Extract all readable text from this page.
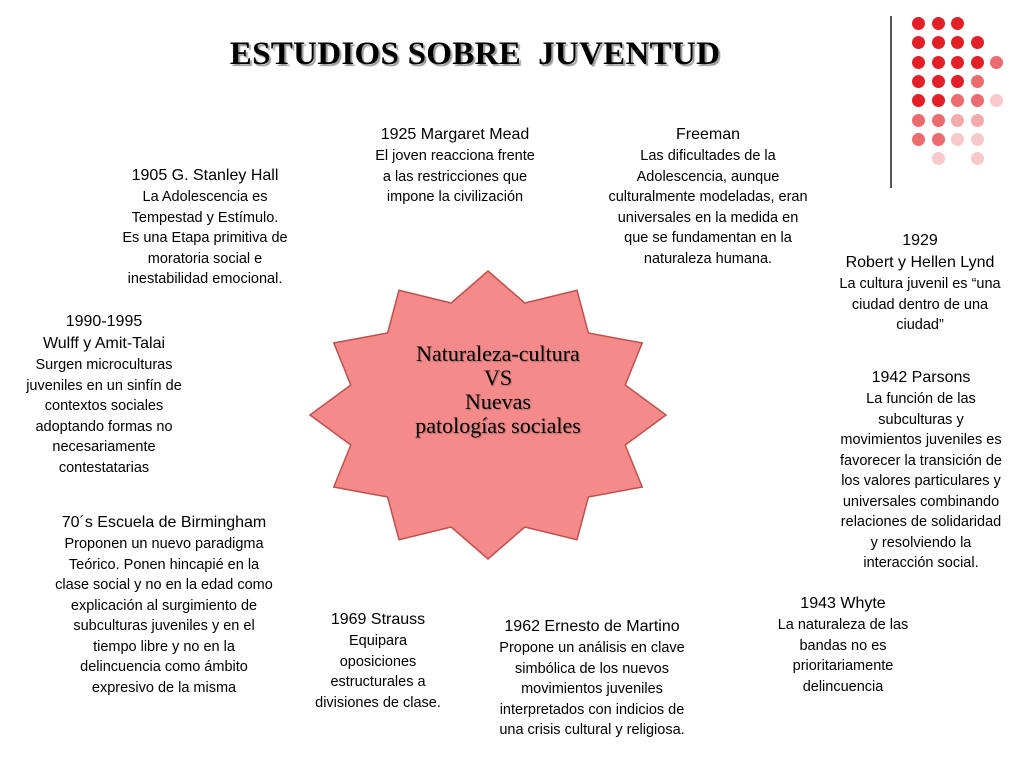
ESTUDIOS SOBRE  JUVENTUD
Naturaleza-cultura
VS
Nuevas
patologías sociales
1905 G. Stanley Hall
La Adolescencia es
Tempestad y Estímulo.
Es una Etapa primitiva de
moratoria social e
inestabilidad emocional.
1925 Margaret Mead
El joven reacciona frente
a las restricciones que
impone la civilización
Freeman
Las dificultades de la
Adolescencia, aunque
culturalmente modeladas, eran
universales en la medida en
que se fundamentan en la
naturaleza humana.
1929
Robert y Hellen Lynd
La cultura juvenil es “una
ciudad dentro de una
ciudad”
1990-1995
Wulff y Amit-Talai
Surgen microculturas
juveniles en un sinfín de
contextos sociales
adoptando formas no
necesariamente
contestatarias
1942 Parsons
La función de las
subculturas y
movimientos juveniles es
favorecer la transición de
los valores particulares y
universales combinando
relaciones de solidaridad
y resolviendo la
interacción social.
70´s Escuela de Birmingham
Proponen un nuevo paradigma
Teórico. Ponen hincapié en la
clase social y no en la edad como
explicación al surgimiento de
subculturas juveniles y en el
tiempo libre y no en la
delincuencia como ámbito
expresivo de la misma
1969 Strauss
Equipara
oposiciones
estructurales a
divisiones de clase.
1962 Ernesto de Martino
Propone un análisis en clave
simbólica de los nuevos
movimientos juveniles
interpretados con indicios de
una crisis cultural y religiosa.
1943 Whyte
La naturaleza de las
bandas no es
prioritariamente
delincuencia
